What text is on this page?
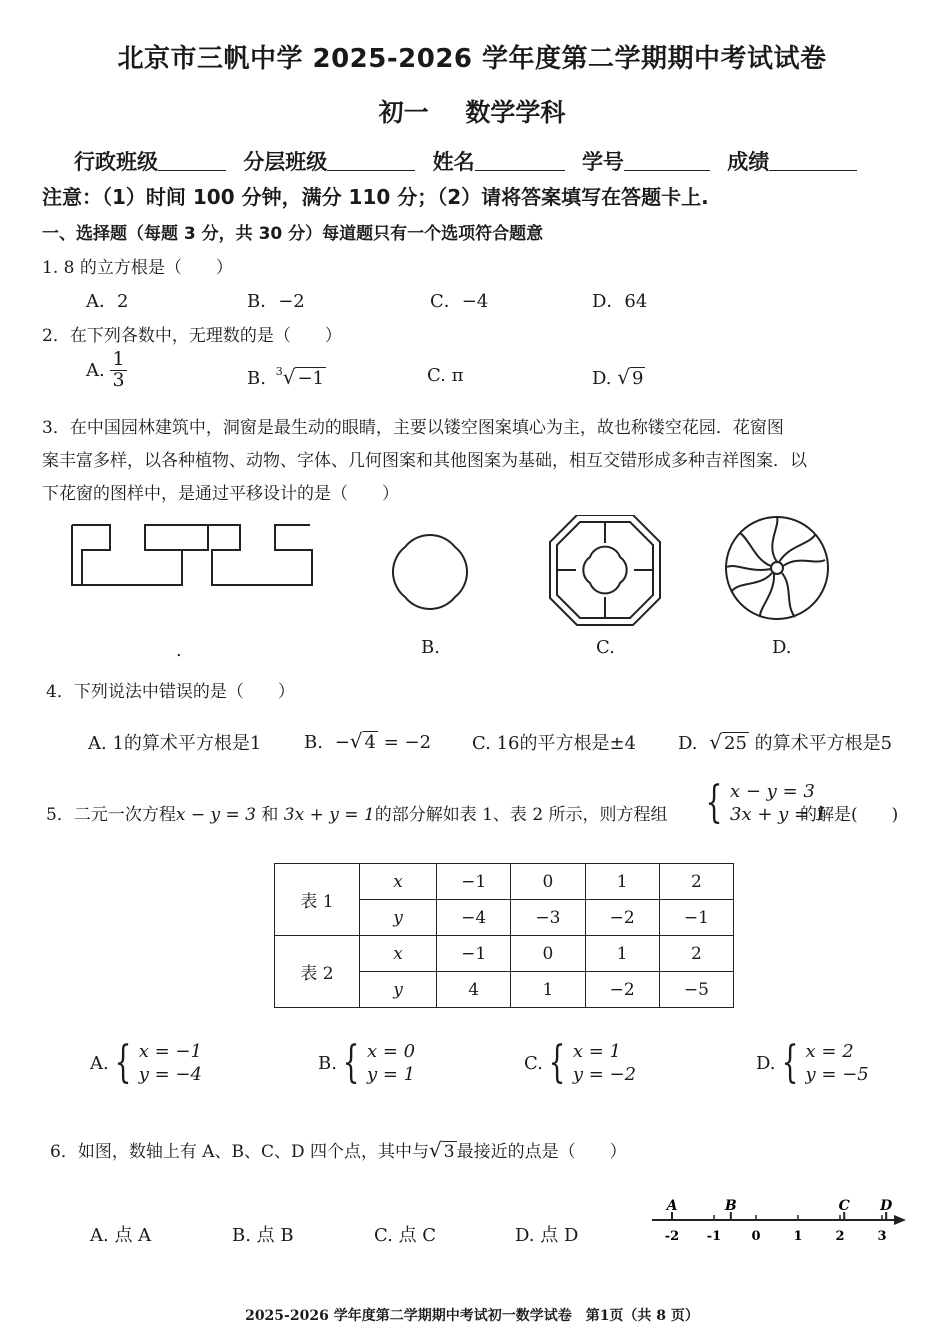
北京市三帆中学 2025-2026 学年度第二学期期中考试试卷
初一 数学学科
行政班级	分层班级	姓名	学号	成绩
注意：（1）时间 100 分钟，满分 110 分；（2）请将答案填写在答题卡上.
一、选择题（每题 3 分，共 30 分）每道题只有一个选项符合题意
1. 8 的立方根是（　　）
A．2	B．−2	C．−4	D．64
2．在下列各数中，无理数的是（　　）
A. $\frac{1}{3}$	B. $^3$√ −1	C. π	D. √ 9
3．在中国园林建筑中，洞窗是最生动的眼睛，主要以镂空图案填心为主，故也称镂空花园．花窗图
案丰富多样，以各种植物、动物、字体、几何图案和其他图案为基础，相互交错形成多种吉祥图案．以
下花窗的图样中，是通过平移设计的是（　　）
.	B.	C.	D.
4．下列说法中错误的是（　　）
A. 1的算术平方根是1 B. −√ 4 = −2 C. 16的平方根是±4 D. √ 25 的算术平方根是5
5．二元一次方程x − y = 3 和 3x + y = 1的部分解如表 1、表 2 所示，则方程组 { x − y = 3
3x + y = 1
的解是(　　)
表 1	x	−1	0	1	2
	y	−4	−3	−2	−1
表 2	x	−1	0	1	2
	y	4	1	−2	−5
A. { x = −1
y = −4
B. { x = 0
y = 1
C. { x = 1
y = −2
D. { x = 2
y = −5
6．如图，数轴上有 A、B、C、D 四个点，其中与√ 3 最接近的点是（　　）
A. 点 A	B. 点 B	C. 点 C	D. 点 D	-2 -1 0	1	2	3
A	B	C D
2025-2026 学年度第二学期期中考试初一数学试卷　第1页（共 8 页）
